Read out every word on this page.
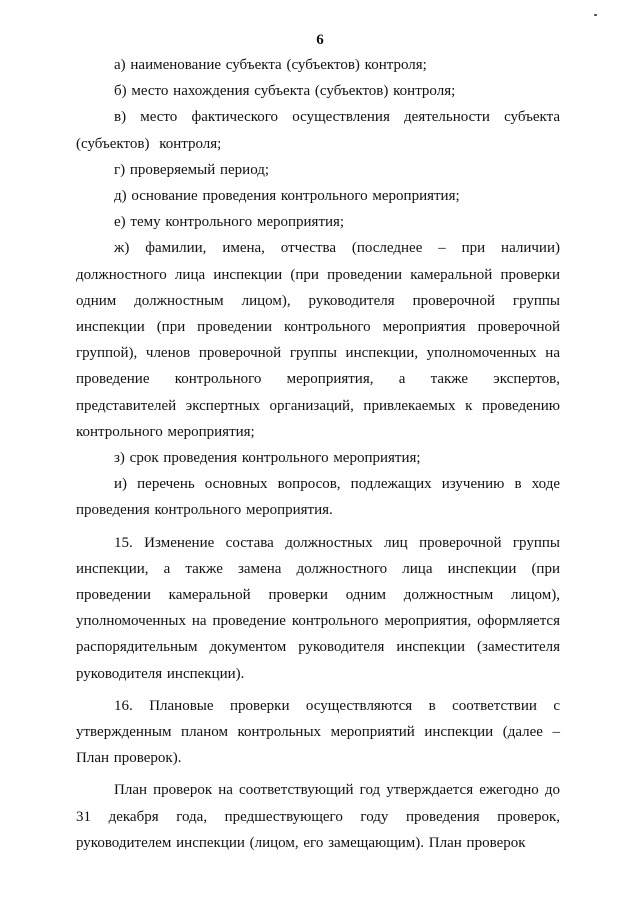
6

а) наименование субъекта (субъектов) контроля;

б) место нахождения субъекта (субъектов) контроля;

в) место фактического осуществления деятельности субъекта (субъектов) контроля;

г) проверяемый период;

д) основание проведения контрольного мероприятия;

е) тему контрольного мероприятия;

ж) фамилии, имена, отчества (последнее – при наличии) должностного лица инспекции (при проведении камеральной проверки одним должностным лицом), руководителя проверочной группы инспекции (при проведении контрольного мероприятия проверочной группой), членов проверочной группы инспекции, уполномоченных на проведение контрольного мероприятия, а также экспертов, представителей экспертных организаций, привлекаемых к проведению контрольного мероприятия;

з) срок проведения контрольного мероприятия;

и) перечень основных вопросов, подлежащих изучению в ходе проведения контрольного мероприятия.

15. Изменение состава должностных лиц проверочной группы инспекции, а также замена должностного лица инспекции (при проведении камеральной проверки одним должностным лицом), уполномоченных на проведение контрольного мероприятия, оформляется распорядительным документом руководителя инспекции (заместителя руководителя инспекции).

16. Плановые проверки осуществляются в соответствии с утвержденным планом контрольных мероприятий инспекции (далее – План проверок).

План проверок на соответствующий год утверждается ежегодно до 31 декабря года, предшествующего году проведения проверок, руководителем инспекции (лицом, его замещающим). План проверок
